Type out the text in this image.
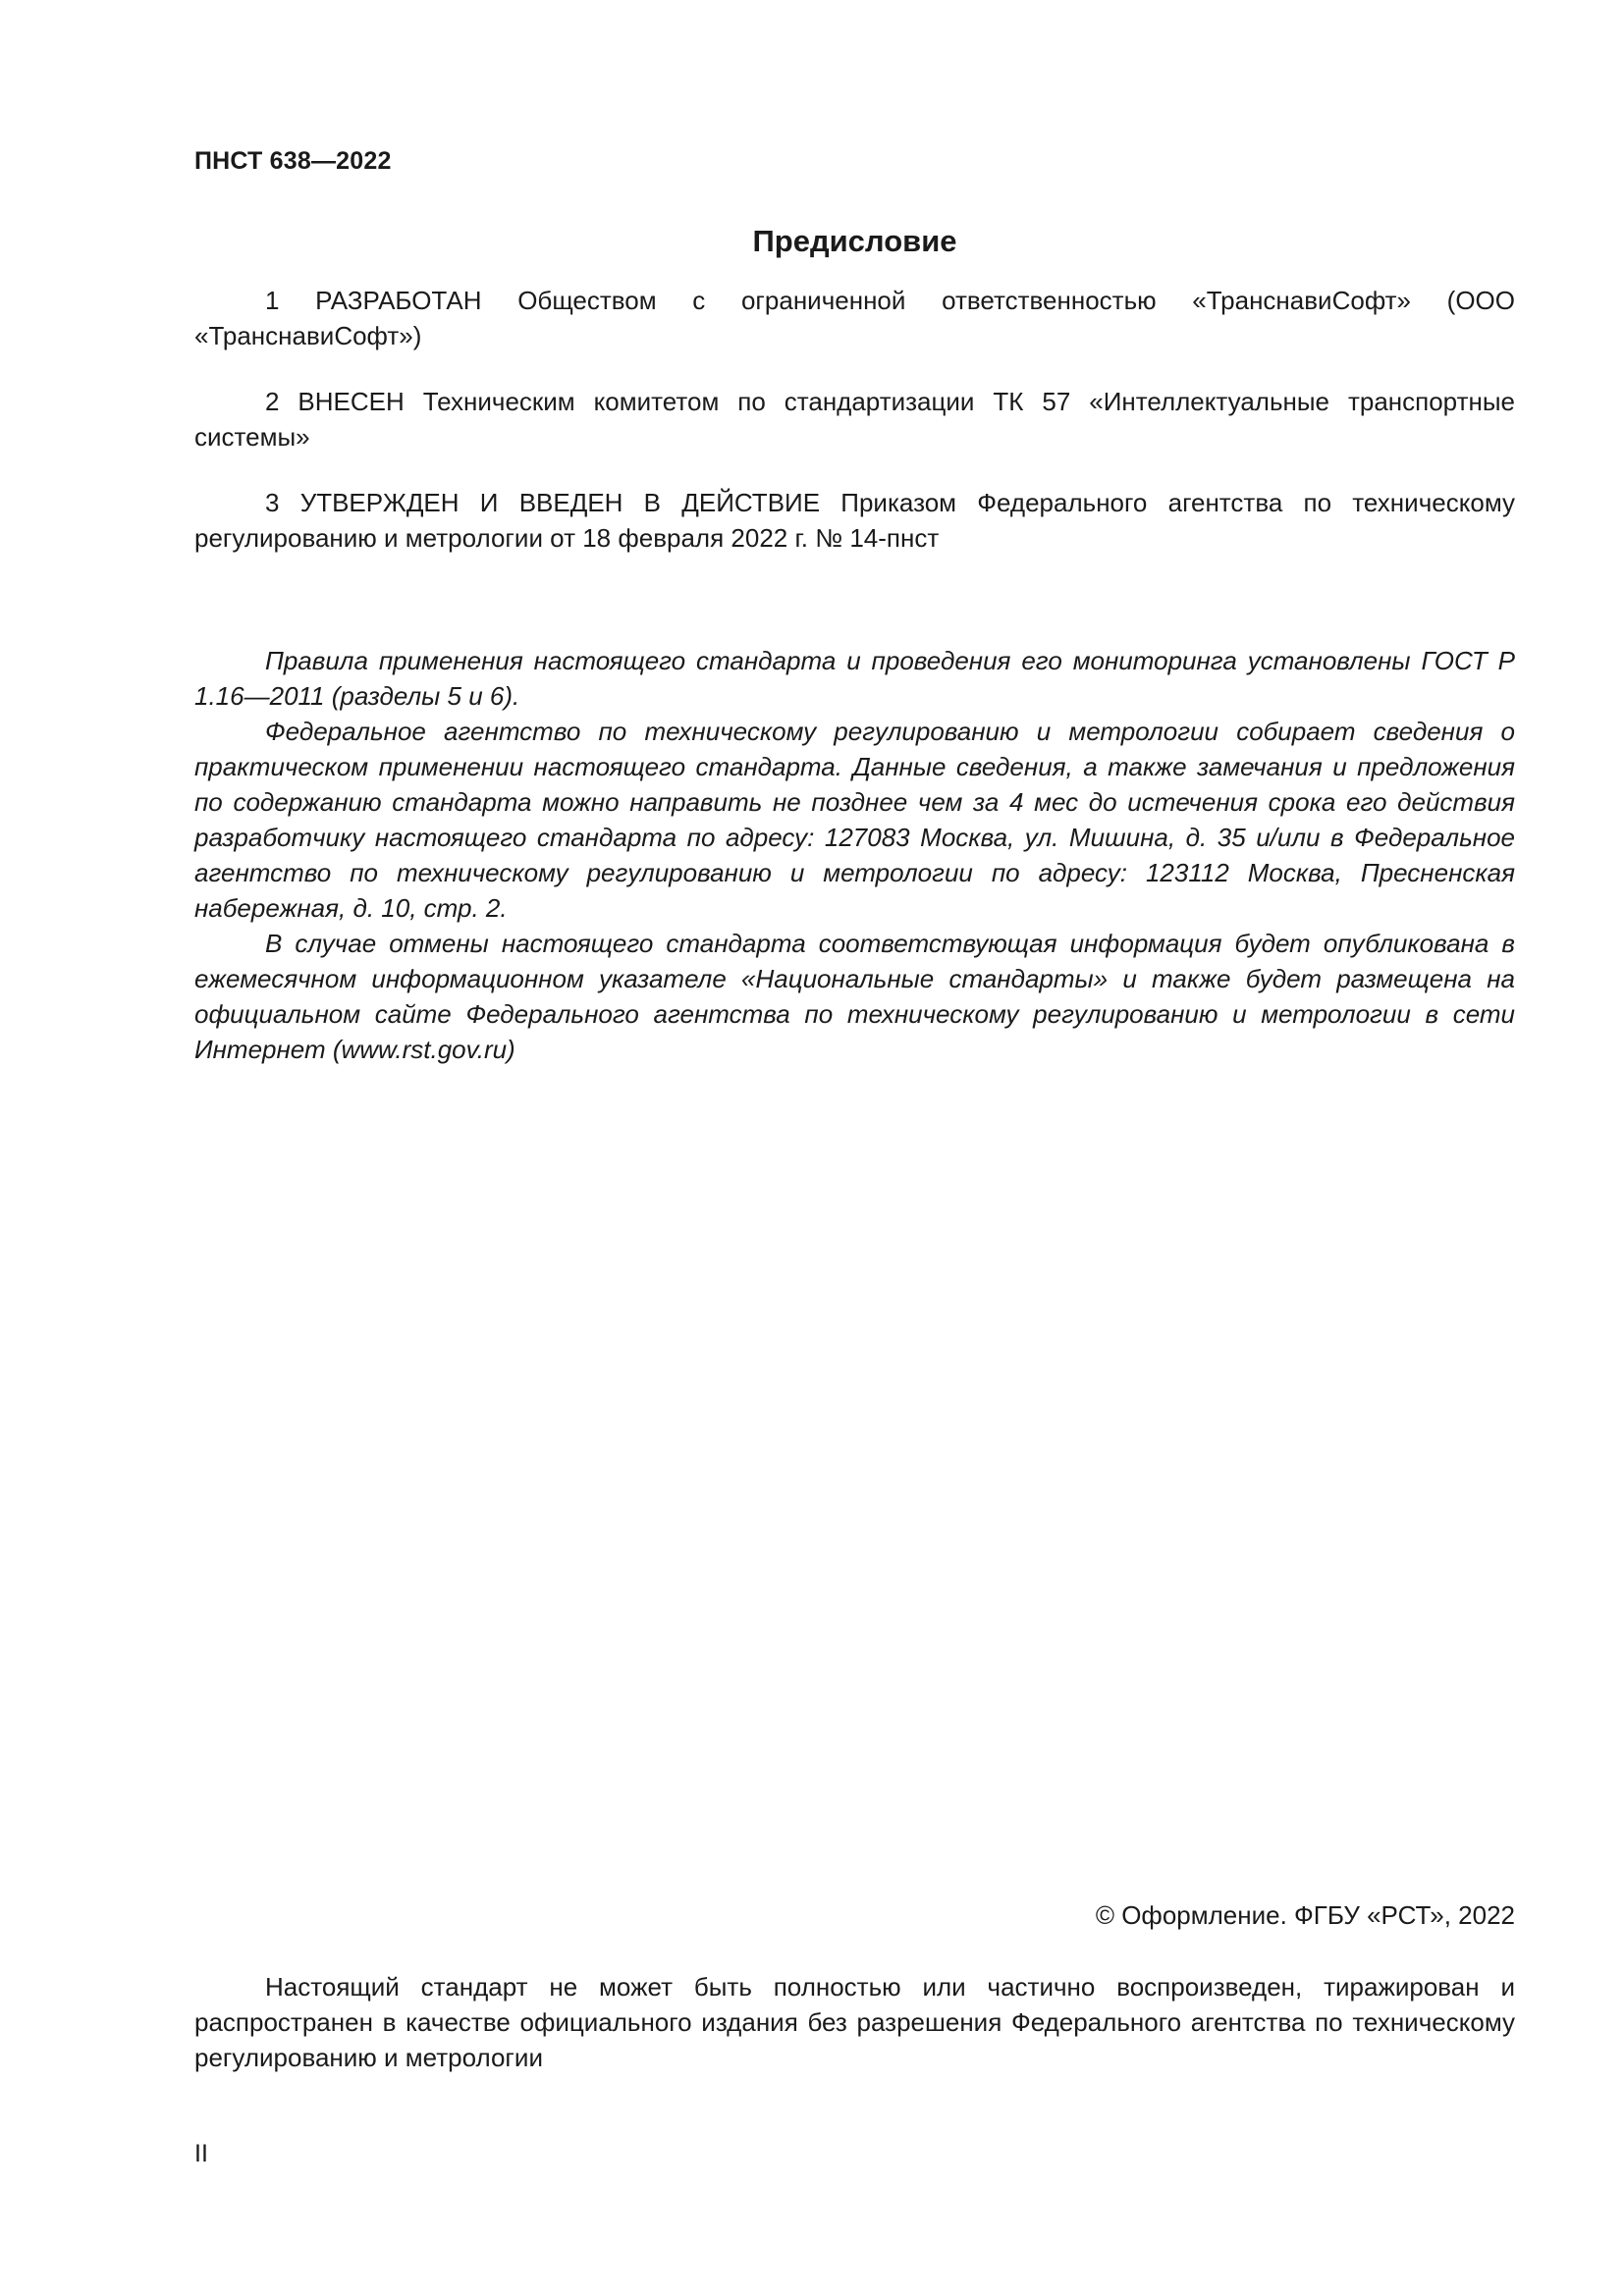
ПНСТ 638—2022
Предисловие

1 РАЗРАБОТАН Обществом с ограниченной ответственностью «ТранснавиСофт» (ООО «ТранснавиСофт»)

2 ВНЕСЕН Техническим комитетом по стандартизации ТК 57 «Интеллектуальные транспортные системы»

3 УТВЕРЖДЕН И ВВЕДЕН В ДЕЙСТВИЕ Приказом Федерального агентства по техническому регулированию и метрологии от 18 февраля 2022 г. № 14-пнст

Правила применения настоящего стандарта и проведения его мониторинга установлены ГОСТ Р 1.16—2011 (разделы 5 и 6).

Федеральное агентство по техническому регулированию и метрологии собирает сведения о практическом применении настоящего стандарта. Данные сведения, а также замечания и предложения по содержанию стандарта можно направить не позднее чем за 4 мес до истечения срока его действия разработчику настоящего стандарта по адресу: 127083 Москва, ул. Мишина, д. 35 и/или в Федеральное агентство по техническому регулированию и метрологии по адресу: 123112 Москва, Пресненская набережная, д. 10, стр. 2.

В случае отмены настоящего стандарта соответствующая информация будет опубликована в ежемесячном информационном указателе «Национальные стандарты» и также будет размещена на официальном сайте Федерального агентства по техническому регулированию и метрологии в сети Интернет (www.rst.gov.ru)

© Оформление. ФГБУ «РСТ», 2022

Настоящий стандарт не может быть полностью или частично воспроизведен, тиражирован и распространен в качестве официального издания без разрешения Федерального агентства по техническому регулированию и метрологии

II
